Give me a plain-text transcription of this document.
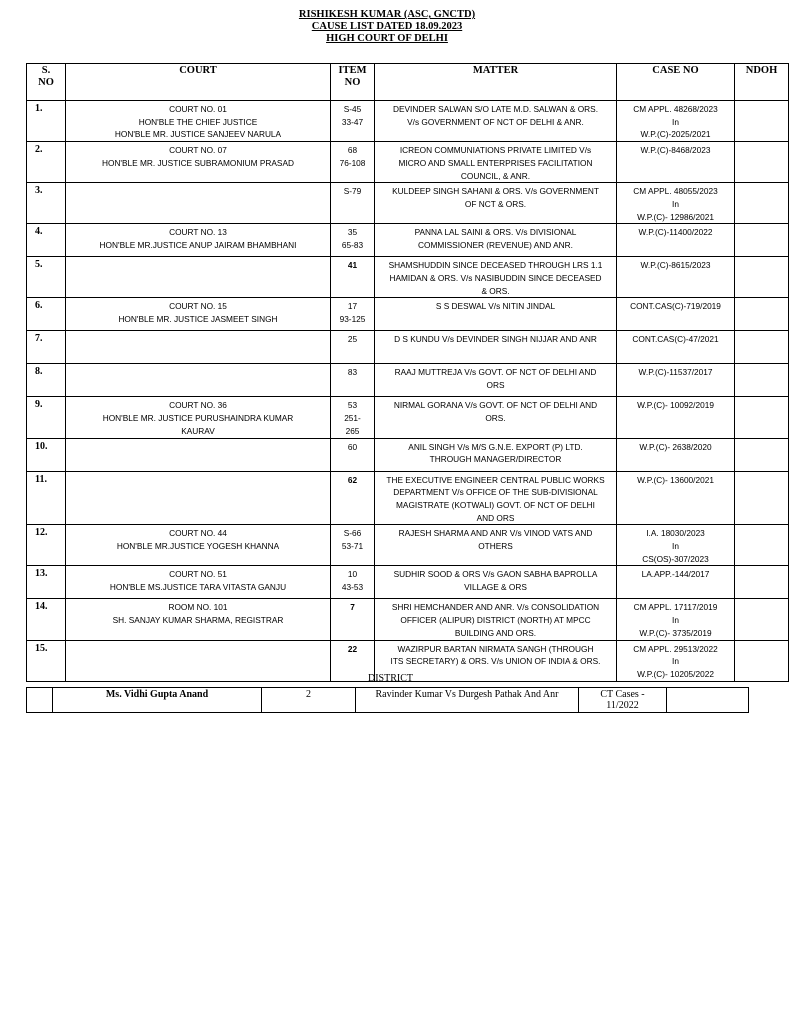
RISHIKESH KUMAR (ASC, GNCTD)
CAUSE LIST DATED 18.09.2023
HIGH COURT OF DELHI
S.
NO	COURT	ITEM
NO	MATTER	CASE NO	NDOH
1.	COURT NO. 01
HON'BLE THE CHIEF JUSTICE
HON'BLE MR. JUSTICE SANJEEV NARULA	S-45
33-47	DEVINDER SALWAN S/O LATE M.D. SALWAN & ORS.
V/s GOVERNMENT OF NCT OF DELHI & ANR.	CM APPL. 48268/2023
In
W.P.(C)-2025/2021	

2.	COURT NO. 07
HON'BLE MR. JUSTICE SUBRAMONIUM PRASAD	68
76-108	ICREON COMMUNIATIONS PRIVATE LIMITED V/s
MICRO AND SMALL ENTERPRISES FACILITATION
COUNCIL, & ANR.	W.P.(C)-8468/2023	

3.		S-79	KULDEEP SINGH SAHANI & ORS. V/s GOVERNMENT
OF NCT & ORS.	CM APPL. 48055/2023
In
W.P.(C)- 12986/2021	

4.	COURT NO. 13
HON'BLE MR.JUSTICE ANUP JAIRAM BHAMBHANI	35
65-83	PANNA LAL SAINI & ORS. V/s DIVISIONAL
COMMISSIONER (REVENUE) AND ANR.	W.P.(C)-11400/2022	

5.		41	SHAMSHUDDIN SINCE DECEASED THROUGH LRS 1.1
HAMIDAN & ORS. V/s NASIBUDDIN SINCE DECEASED
& ORS.	W.P.(C)-8615/2023	

6.	COURT NO. 15
HON'BLE MR. JUSTICE JASMEET SINGH	17
93-125	S S DESWAL V/s NITIN JINDAL	CONT.CAS(C)-719/2019	

7.		25	D S KUNDU V/s DEVINDER SINGH NIJJAR AND ANR	CONT.CAS(C)-47/2021	

8.		83	RAAJ MUTTREJA V/s GOVT. OF NCT OF DELHI AND
ORS	W.P.(C)-11537/2017	

9.	COURT NO. 36
HON'BLE MR. JUSTICE PURUSHAINDRA KUMAR
KAURAV	53
251-
265	NIRMAL GORANA V/s GOVT. OF NCT OF DELHI AND
ORS.	W.P.(C)- 10092/2019	

10.		60	ANIL SINGH V/s M/S G.N.E. EXPORT (P) LTD.
THROUGH MANAGER/DIRECTOR	W.P.(C)- 2638/2020	

11.		62	THE EXECUTIVE ENGINEER CENTRAL PUBLIC WORKS
DEPARTMENT V/s OFFICE OF THE SUB-DIVISIONAL
MAGISTRATE (KOTWALI) GOVT. OF NCT OF DELHI
AND ORS	W.P.(C)- 13600/2021	

12.	COURT NO. 44
HON'BLE MR.JUSTICE YOGESH KHANNA	S-66
53-71	RAJESH SHARMA AND ANR V/s VINOD VATS AND
OTHERS	I.A. 18030/2023
In
CS(OS)-307/2023	

13.	COURT NO. 51
HON'BLE MS.JUSTICE TARA VITASTA GANJU	10
43-53	SUDHIR SOOD & ORS V/s GAON SABHA BAPROLLA
VILLAGE & ORS	LA.APP.-144/2017	

14.	ROOM NO. 101
SH. SANJAY KUMAR SHARMA, REGISTRAR	7	SHRI HEMCHANDER AND ANR. V/s CONSOLIDATION
OFFICER (ALIPUR) DISTRICT (NORTH) AT MPCC
BUILDING AND ORS.	CM APPL. 17117/2019
In
W.P.(C)- 3735/2019	

15.		22	WAZIRPUR BARTAN NIRMATA SANGH (THROUGH
ITS SECRETARY) & ORS. V/s UNION OF INDIA & ORS.	CM APPL. 29513/2022
In
W.P.(C)- 10205/2022	

DISTRICT
	Ms. Vidhi Gupta Anand	2	Ravinder Kumar Vs Durgesh Pathak And Anr	CT Cases -
11/2022
